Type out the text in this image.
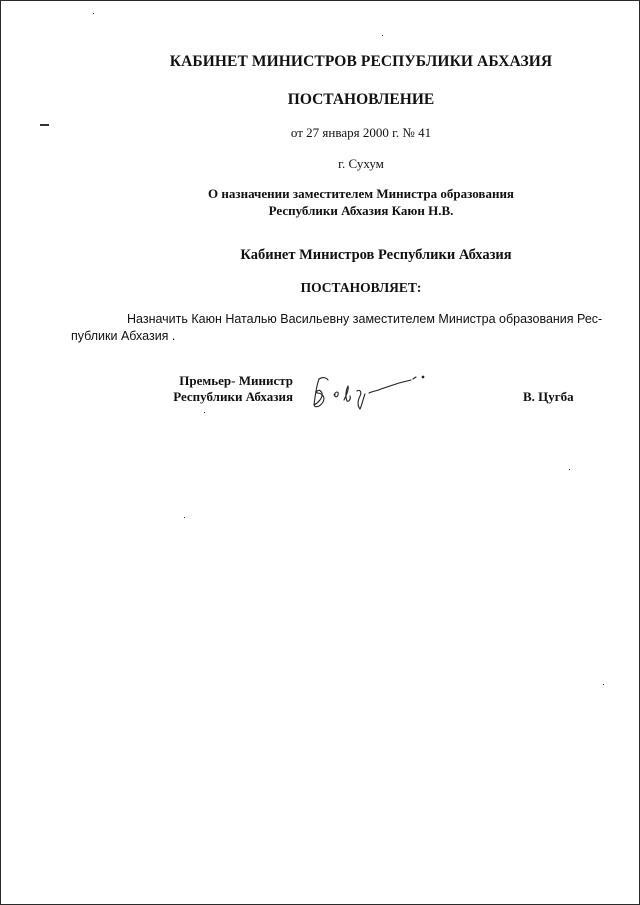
КАБИНЕТ МИНИСТРОВ РЕСПУБЛИКИ АБХАЗИЯ
ПОСТАНОВЛЕНИЕ
от 27 января 2000 г. № 41
г. Сухум
О назначении заместителем Министра образования
Республики Абхазия Каюн Н.В.
Кабинет Министров Республики Абхазия
ПОСТАНОВЛЯЕТ:
Назначить Каюн Наталью Васильевну заместителем Министра образования Рес-
публики Абхазия .
Премьер- Министр
Республики Абхазия	В. Цугба
